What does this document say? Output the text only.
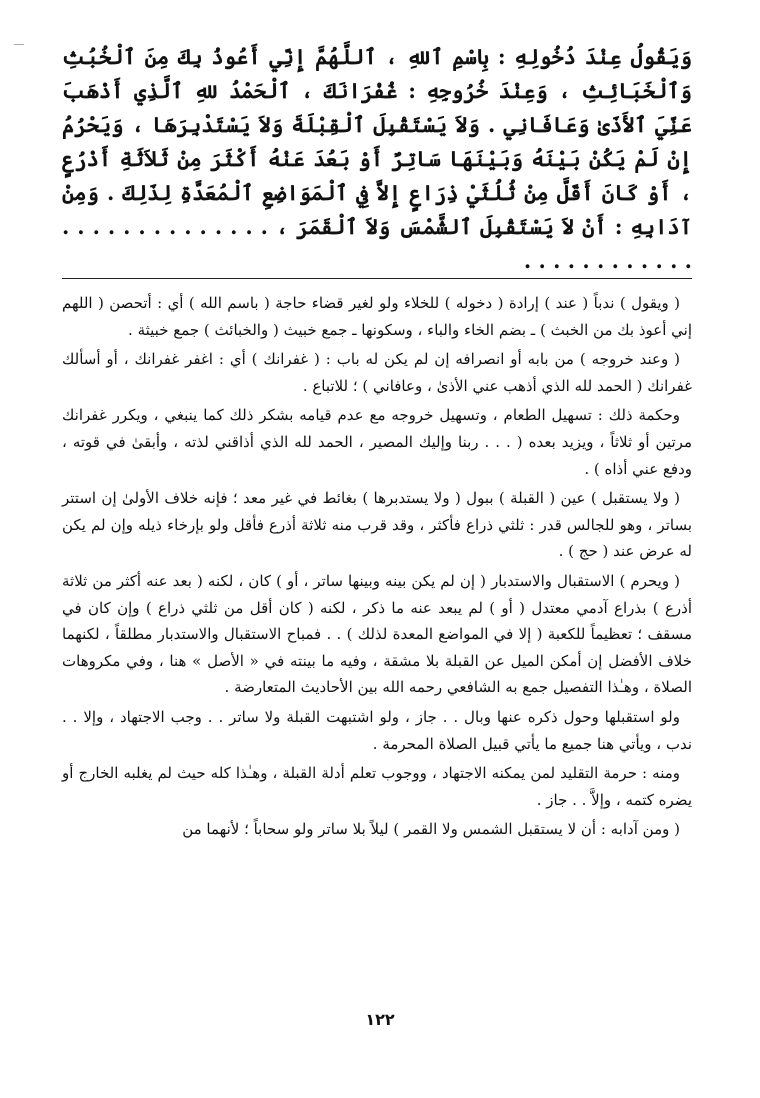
وَيَقُولُ عِنْدَ دُخُولِهِ : بِاسْمِ ٱللهِ ، ٱللَّهُمَّ إِنِّي أَعُوذُ بِكَ مِنَ ٱلْخُبُثِ وَٱلْخَبَائِثِ ، وَعِنْدَ خُرُوجِهِ : غُفْرَانَكَ ، ٱلْحَمْدُ للهِ ٱلَّذِي أَذْهَبَ عَنِّيَ ٱلأَذَىٰ وَعَافَانِي . وَلاَ يَسْتَقْبِلَ ٱلْقِبْلَةَ وَلاَ يَسْتَدْبِرَهَا ، وَيَحْرُمُ إِنْ لَمْ يَكُنْ بَيْنَهُ وَبَيْنَهَا سَاتِرٌ أَوْ بَعُدَ عَنْهُ أَكْثَرَ مِنْ ثَلاَثَةِ أَذْرُعٍ ، أَوْ كَانَ أَقَلَّ مِنْ ثُلُثَيْ ذِرَاعٍ إِلاَّ فِي ٱلْمَوَاضِعِ ٱلْمُعَدَّةِ لِذَلِكَ . وَمِنْ آدَابِهِ : أَنْ لاَ يَسْتَقْبِلَ ٱلشَّمْسَ وَلاَ ٱلْقَمَرَ ، . . . . . . . . . . . . . . . . . . . . . . . . . .

( ويقول ) ندباً ( عند ) إرادة ( دخوله ) للخلاء ولو لغير قضاء حاجة ( باسم الله ) أي : أتحصن ( اللهم إني أعوذ بك من الخبث ) ـ بضم الخاء والباء ، وسكونها ـ جمع خبيث ( والخبائث ) جمع خبيثة .

( وعند خروجه ) من بابه أو انصرافه إن لم يكن له باب : ( غفرانك ) أي : اغفر غفرانك ، أو أسألك غفرانك ( الحمد لله الذي أذهب عني الأذىٰ ، وعافاني ) ؛ للاتباع .

وحكمة ذلك : تسهيل الطعام ، وتسهيل خروجه مع عدم قيامه بشكر ذلك كما ينبغي ، ويكرر غفرانك مرتين أو ثلاثاً ، ويزيد بعده ( . . . ربنا وإليك المصير ، الحمد لله الذي أذاقني لذته ، وأبقىٰ في قوته ، ودفع عني أذاه ) .

( ولا يستقبل ) عين ( القبلة ) ببول ( ولا يستدبرها ) بغائط في غير معد ؛ فإنه خلاف الأولىٰ إن استتر بساتر ، وهو للجالس قدر : ثلثي ذراع فأكثر ، وقد قرب منه ثلاثة أذرع فأقل ولو بإرخاء ذيله وإن لم يكن له عرض عند ( حج ) .

( ويحرم ) الاستقبال والاستدبار ( إن لم يكن بينه وبينها ساتر ، أو ) كان ، لكنه ( بعد عنه أكثر من ثلاثة أذرع ) بذراع آدمي معتدل ( أو ) لم يبعد عنه ما ذكر ، لكنه ( كان أقل من ثلثي ذراع ) وإن كان في مسقف ؛ تعظيماً للكعبة ( إلا في المواضع المعدة لذلك ) . . فمباح الاستقبال والاستدبار مطلقاً ، لكنهما خلاف الأفضل إن أمكن الميل عن القبلة بلا مشقة ، وفيه ما بينته في « الأصل » هنا ، وفي مكروهات الصلاة ، وهـٰذا التفصيل جمع به الشافعي رحمه الله بين الأحاديث المتعارضة .

ولو استقبلها وحول ذكره عنها وبال . . جاز ، ولو اشتبهت القبلة ولا ساتر . . وجب الاجتهاد ، وإلا . . ندب ، ويأتي هنا جميع ما يأتي قبيل الصلاة المحرمة .

ومنه : حرمة التقليد لمن يمكنه الاجتهاد ، ووجوب تعلم أدلة القبلة ، وهـٰذا كله حيث لم يغلبه الخارج أو يضره كتمه ، وإلاَّ . . جاز .

( ومن آدابه : أن لا يستقبل الشمس ولا القمر ) ليلاً بلا ساتر ولو سحاباً ؛ لأنهما من

١٢٢
